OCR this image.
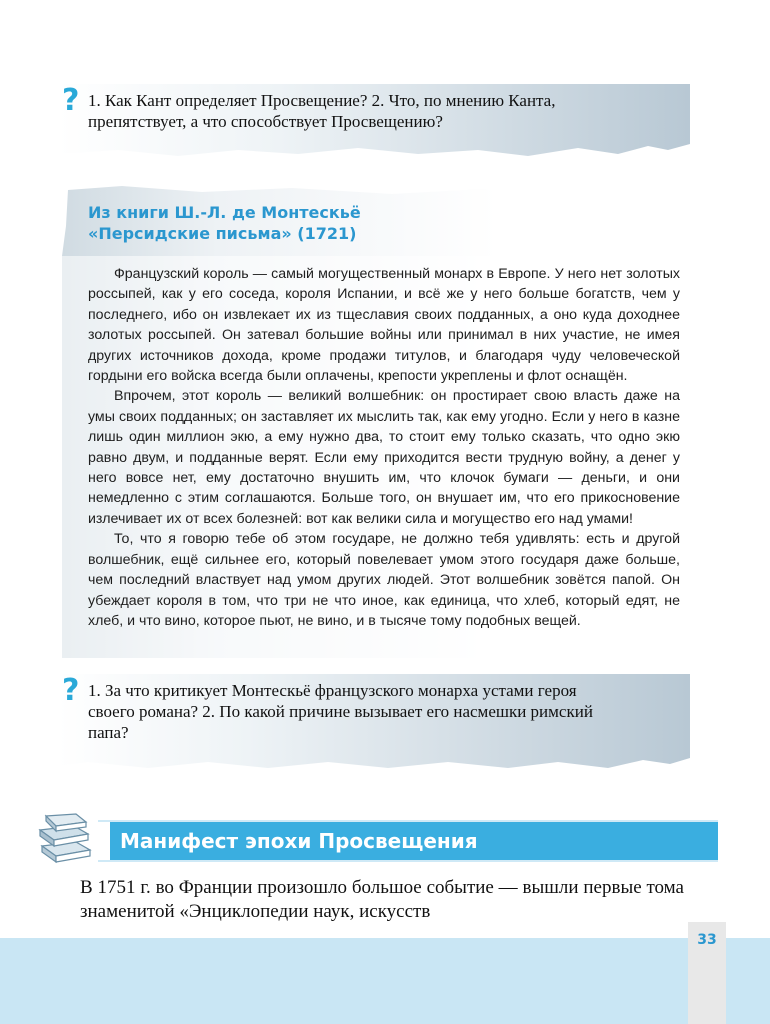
? 1. Как Кант определяет Просвещение? 2. Что, по мнению Канта,
препятствует, а что способствует Просвещению?
Из книги Ш.-Л. де Монтескьё
«Персидские письма» (1721)

Французский король — самый могущественный монарх в Европе. У него нет золотых россыпей, как у его соседа, короля Испании, и всё же у него больше богатств, чем у последнего, ибо он извлекает их из тщеславия своих подданных, а оно куда доходнее золотых россыпей. Он затевал большие войны или принимал в них участие, не имея других источников дохода, кроме продажи титулов, и благодаря чуду человеческой гордыни его войска всегда были оплачены, крепости укреплены и флот оснащён.

Впрочем, этот король — великий волшебник: он простирает свою власть даже на умы своих подданных; он заставляет их мыслить так, как ему угодно. Если у него в казне лишь один миллион экю, а ему нужно два, то стоит ему только сказать, что одно экю равно двум, и подданные верят. Если ему приходится вести трудную войну, а денег у него вовсе нет, ему достаточно внушить им, что клочок бумаги — деньги, и они немедленно с этим соглашаются. Больше того, он внушает им, что его прикосновение излечивает их от всех болезней: вот как велики сила и могущество его над умами!

То, что я говорю тебе об этом государе, не должно тебя удивлять: есть и другой волшебник, ещё сильнее его, который повелевает умом этого государя даже больше, чем последний властвует над умом других людей. Этот волшебник зовётся папой. Он убеждает короля в том, что три не что иное, как единица, что хлеб, который едят, не хлеб, и что вино, которое пьют, не вино, и в тысяче тому подобных вещей.

? 1. За что критикует Монтескьё французского монарха устами героя
своего романа? 2. По какой причине вызывает его насмешки римский
папа?
Манифест эпохи Просвещения

В 1751 г. во Франции произошло большое событие — вышли первые тома знаменитой «Энциклопедии наук, искусств

33
